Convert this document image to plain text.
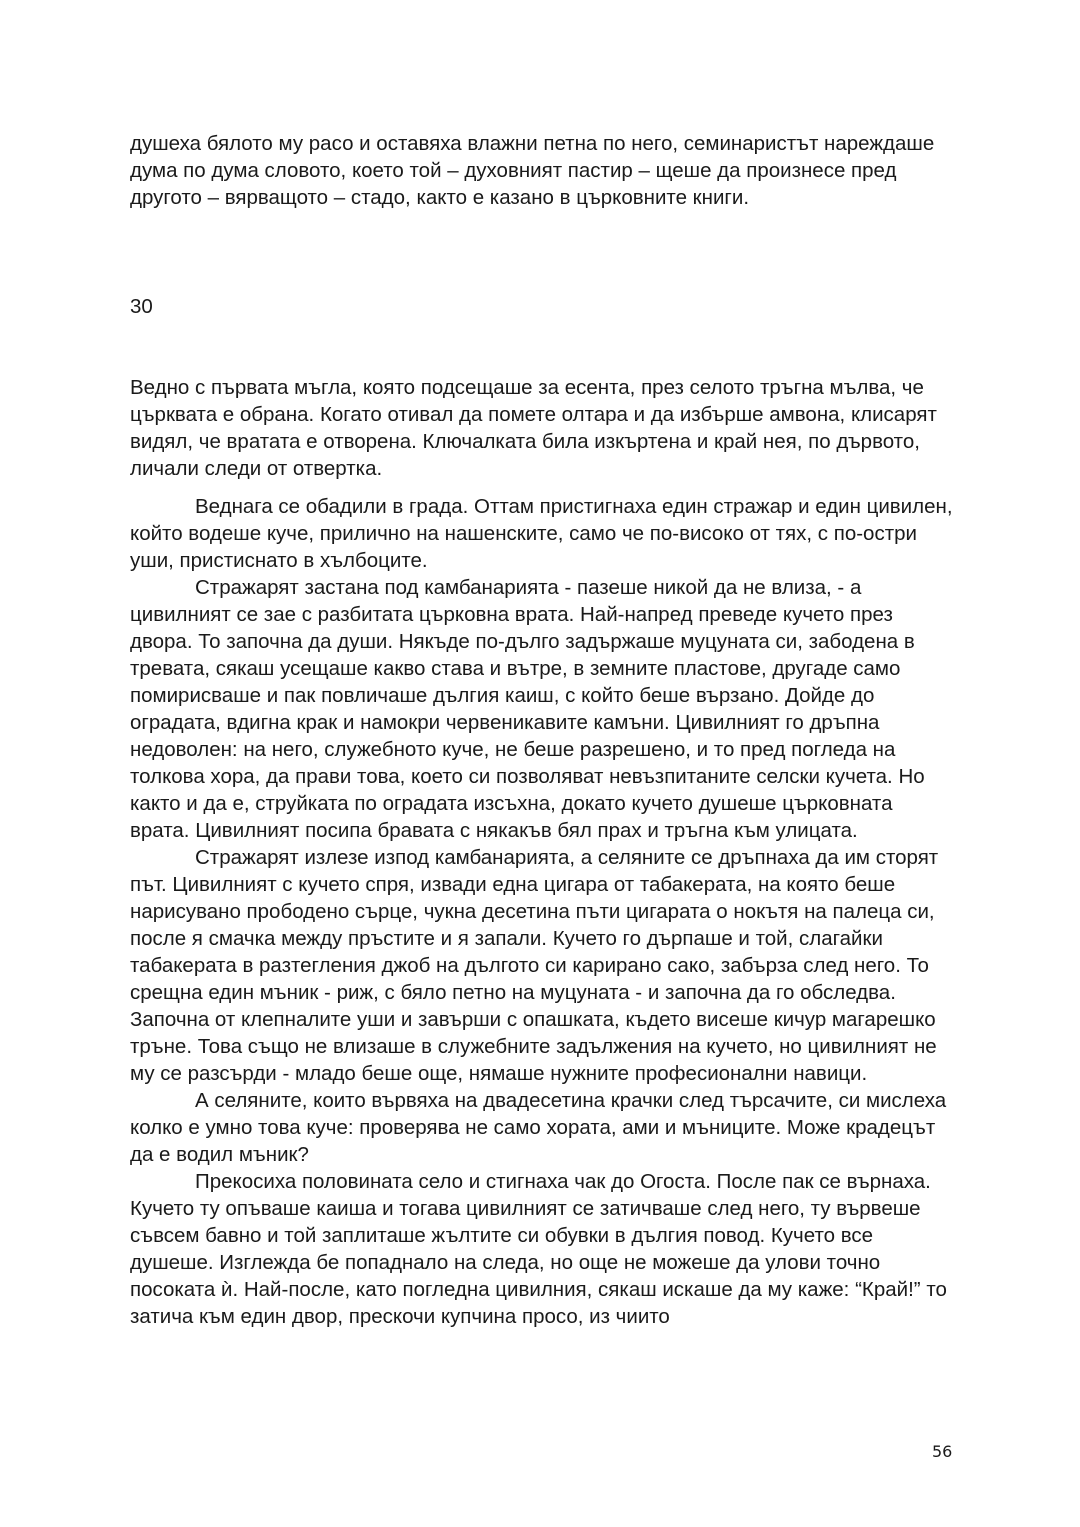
душеха бялото му расо и оставяха влажни петна по него, семинаристът нареждаше дума по дума словото, което той – духовният пастир – щеше да произнесе пред другото – вярващото – стадо, както е казано в църковните книги.

30

Ведно с първата мъгла, която подсещаше за есента, през селото тръгна мълва, че църквата е обрана. Когато отивал да помете олтара и да избърше амвона, клисарят видял, че вратата е отворена. Ключалката била изкъртена и край нея, по дървото, личали следи от отвертка.

Веднага се обадили в града. Оттам пристигнаха един стражар и един цивилен, който водеше куче, прилично на нашенските, само че по-високо от тях, с по-остри уши, пристиснато в хълбоците.

Стражарят застана под камбанарията - пазеше никой да не влиза, - а цивилният се зае с разбитата църковна врата. Най-напред преведе кучето през двора. То започна да души. Някъде по-дълго задържаше муцуната си, забодена в тревата, сякаш усещаше какво става и вътре, в земните пластове, другаде само помирисваше и пак повличаше дългия каиш, с който беше вързано. Дойде до оградата, вдигна крак и намокри червеникавите камъни. Цивилният го дръпна недоволен: на него, служебното куче, не беше разрешено, и то пред погледа на толкова хора, да прави това, което си позволяват невъзпитаните селски кучета. Но както и да е, струйката по оградата изсъхна, докато кучето душеше църковната врата. Цивилният посипа бравата с някакъв бял прах и тръгна към улицата.

Стражарят излезе изпод камбанарията, а селяните се дръпнаха да им сторят път. Цивилният с кучето спря, извади една цигара от табакерата, на която беше нарисувано прободено сърце, чукна десетина пъти цигарата о нокътя на палеца си, после я смачка между пръстите и я запали. Кучето го дърпаше и той, слагайки табакерата в разтегления джоб на дългото си карирано сако, забърза след него. То срещна един мъник - риж, с бяло петно на муцуната - и започна да го обследва. Започна от клепналите уши и завърши с опашката, където висеше кичур магарешко тръне. Това също не влизаше в служебните задължения на кучето, но цивилният не му се разсърди - младо беше още, нямаше нужните професионални навици.

А селяните, които вървяха на двадесетина крачки след търсачите, си мислеха колко е умно това куче: проверява не само хората, ами и мъниците. Може крадецът да е водил мъник?

Прекосиха половината село и стигнаха чак до Огоста. После пак се върнаха. Кучето ту опъваше каиша и тогава цивилният се затичваше след него, ту вървеше съвсем бавно и той заплиташе жълтите си обувки в дългия повод. Кучето все душеше. Изглежда бе попаднало на следа, но още не можеше да улови точно посоката ѝ. Най-после, като погледна цивилния, сякаш искаше да му каже: “Край!” то затича към един двор, прескочи купчина просо, из чиито

56
